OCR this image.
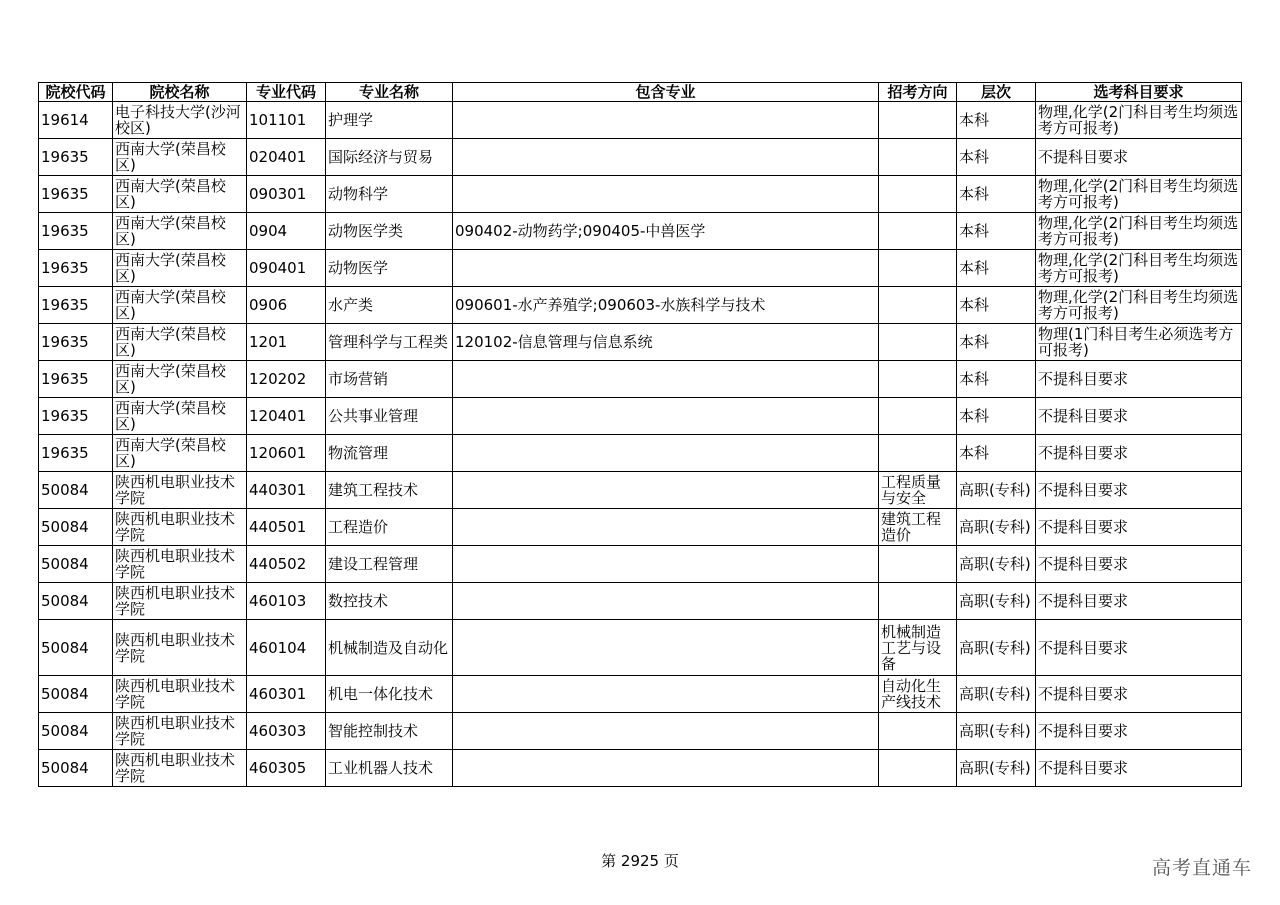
院校代码	院校名称	专业代码	专业名称	包含专业	招考方向	层次	选考科目要求
19614	电子科技大学(沙河校区)	101101	护理学			本科	物理,化学(2门科目考生均须选考方可报考)
19635	西南大学(荣昌校区)	020401	国际经济与贸易			本科	不提科目要求
19635	西南大学(荣昌校区)	090301	动物科学			本科	物理,化学(2门科目考生均须选考方可报考)
19635	西南大学(荣昌校区)	0904	动物医学类	090402-动物药学;090405-中兽医学		本科	物理,化学(2门科目考生均须选考方可报考)
19635	西南大学(荣昌校区)	090401	动物医学			本科	物理,化学(2门科目考生均须选考方可报考)
19635	西南大学(荣昌校区)	0906	水产类	090601-水产养殖学;090603-水族科学与技术		本科	物理,化学(2门科目考生均须选考方可报考)
19635	西南大学(荣昌校区)	1201	管理科学与工程类	120102-信息管理与信息系统		本科	物理(1门科目考生必须选考方可报考)
19635	西南大学(荣昌校区)	120202	市场营销			本科	不提科目要求
19635	西南大学(荣昌校区)	120401	公共事业管理			本科	不提科目要求
19635	西南大学(荣昌校区)	120601	物流管理			本科	不提科目要求
50084	陕西机电职业技术学院	440301	建筑工程技术		工程质量与安全	高职(专科)	不提科目要求
50084	陕西机电职业技术学院	440501	工程造价		建筑工程造价	高职(专科)	不提科目要求
50084	陕西机电职业技术学院	440502	建设工程管理			高职(专科)	不提科目要求
50084	陕西机电职业技术学院	460103	数控技术			高职(专科)	不提科目要求
50084	陕西机电职业技术学院	460104	机械制造及自动化		机械制造工艺与设备	高职(专科)	不提科目要求
50084	陕西机电职业技术学院	460301	机电一体化技术		自动化生产线技术	高职(专科)	不提科目要求
50084	陕西机电职业技术学院	460303	智能控制技术			高职(专科)	不提科目要求
50084	陕西机电职业技术学院	460305	工业机器人技术			高职(专科)	不提科目要求
第 2925 页	高考直通车
